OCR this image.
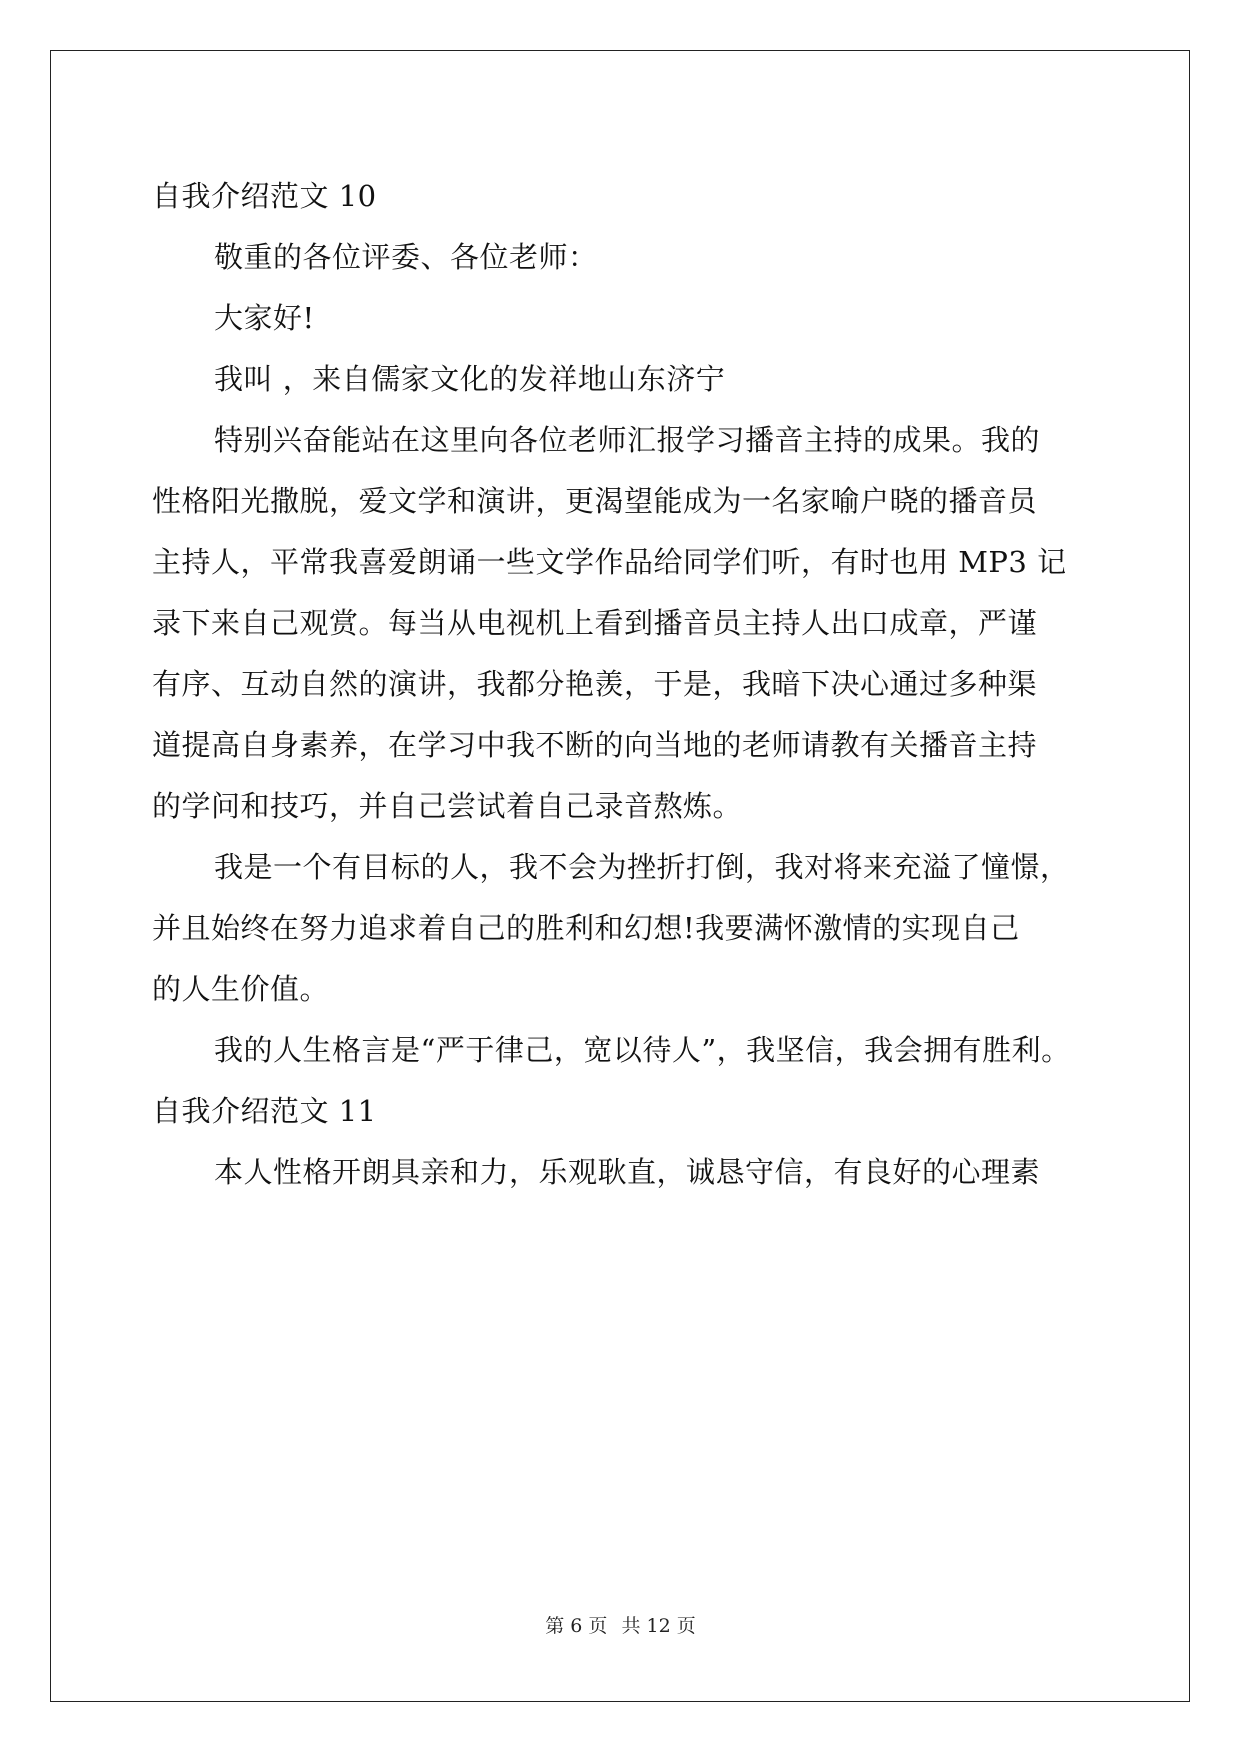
自我介绍范文 10
敬重的各位评委、各位老师：
大家好!
我叫 ，来自儒家文化的发祥地山东济宁
特别兴奋能站在这里向各位老师汇报学习播音主持的成果。我的
性格阳光撒脱，爱文学和演讲，更渴望能成为一名家喻户晓的播音员
主持人，平常我喜爱朗诵一些文学作品给同学们听，有时也用 MP3 记
录下来自己观赏。每当从电视机上看到播音员主持人出口成章，严谨
有序、互动自然的演讲，我都分艳羡，于是，我暗下决心通过多种渠
道提高自身素养，在学习中我不断的向当地的老师请教有关播音主持
的学问和技巧，并自己尝试着自己录音熬炼。
我是一个有目标的人，我不会为挫折打倒，我对将来充溢了憧憬，
并且始终在努力追求着自己的胜利和幻想!我要满怀激情的实现自己
的人生价值。
我的人生格言是“严于律己，宽以待人”，我坚信，我会拥有胜利。
自我介绍范文 11
本人性格开朗具亲和力，乐观耿直，诚恳守信，有良好的心理素
第 6 页 共 12 页
